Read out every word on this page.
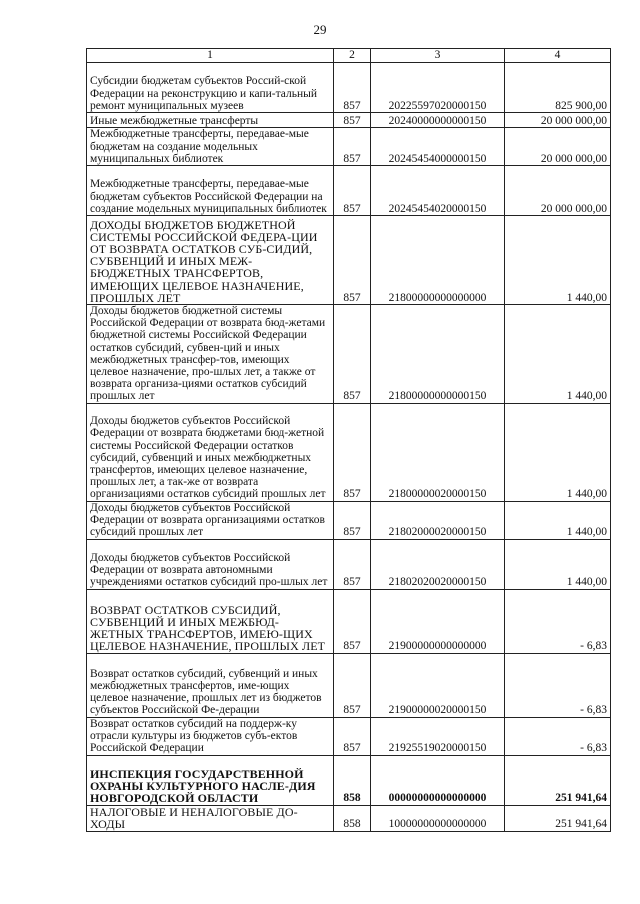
29
1	2	3	4
Субсидии бюджетам субъектов Россий-ской Федерации на реконструкцию и капи-тальный ремонт муниципальных музеев	857	20225597020000150	825 900,00
Иные межбюджетные трансферты	857	20240000000000150	20 000 000,00
Межбюджетные трансферты, передавае-мые бюджетам на создание модельных муниципальных библиотек	857	20245454000000150	20 000 000,00
Межбюджетные трансферты, передавае-мые бюджетам субъектов Российской Федерации на создание модельных муниципальных библиотек	857	20245454020000150	20 000 000,00
ДОХОДЫ БЮДЖЕТОВ БЮДЖЕТНОЙ СИСТЕМЫ РОССИЙСКОЙ ФЕДЕРА-ЦИИ ОТ ВОЗВРАТА ОСТАТКОВ СУБ-СИДИЙ, СУБВЕНЦИЙ И ИНЫХ МЕЖ-БЮДЖЕТНЫХ ТРАНСФЕРТОВ, ИМЕЮЩИХ ЦЕЛЕВОЕ НАЗНАЧЕНИЕ, ПРОШЛЫХ ЛЕТ	857	21800000000000000	1 440,00
Доходы бюджетов бюджетной системы Российской Федерации от возврата бюд-жетами бюджетной системы Российской Федерации остатков субсидий, субвен-ций и иных межбюджетных трансфер-тов, имеющих целевое назначение, про-шлых лет, а также от возврата организа-циями остатков субсидий прошлых лет	857	21800000000000150	1 440,00
Доходы бюджетов субъектов Российской Федерации от возврата бюджетами бюд-жетной системы Российской Федерации остатков субсидий, субвенций и иных межбюджетных трансфертов, имеющих целевое назначение, прошлых лет, а так-же от возврата организациями остатков субсидий прошлых лет	857	21800000020000150	1 440,00
Доходы бюджетов субъектов Российской Федерации от возврата организациями остатков субсидий прошлых лет	857	21802000020000150	1 440,00
Доходы бюджетов субъектов Российской Федерации от возврата автономными учреждениями остатков субсидий про-шлых лет	857	21802020020000150	1 440,00
ВОЗВРАТ ОСТАТКОВ СУБСИДИЙ, СУБВЕНЦИЙ И ИНЫХ МЕЖБЮД-ЖЕТНЫХ ТРАНСФЕРТОВ, ИМЕЮ-ЩИХ ЦЕЛЕВОЕ НАЗНАЧЕНИЕ, ПРОШЛЫХ ЛЕТ	857	21900000000000000	- 6,83
Возврат остатков субсидий, субвенций и иных межбюджетных трансфертов, име-ющих целевое назначение, прошлых лет из бюджетов субъектов Российской Фе-дерации	857	21900000020000150	- 6,83
Возврат остатков субсидий на поддерж-ку отрасли культуры из бюджетов субъ-ектов Российской Федерации	857	21925519020000150	- 6,83
ИНСПЕКЦИЯ ГОСУДАРСТВЕННОЙ ОХРАНЫ КУЛЬТУРНОГО НАСЛЕ-ДИЯ НОВГОРОДСКОЙ ОБЛАСТИ	858	00000000000000000	251 941,64
НАЛОГОВЫЕ И НЕНАЛОГОВЫЕ ДО-ХОДЫ	858	10000000000000000	251 941,64
